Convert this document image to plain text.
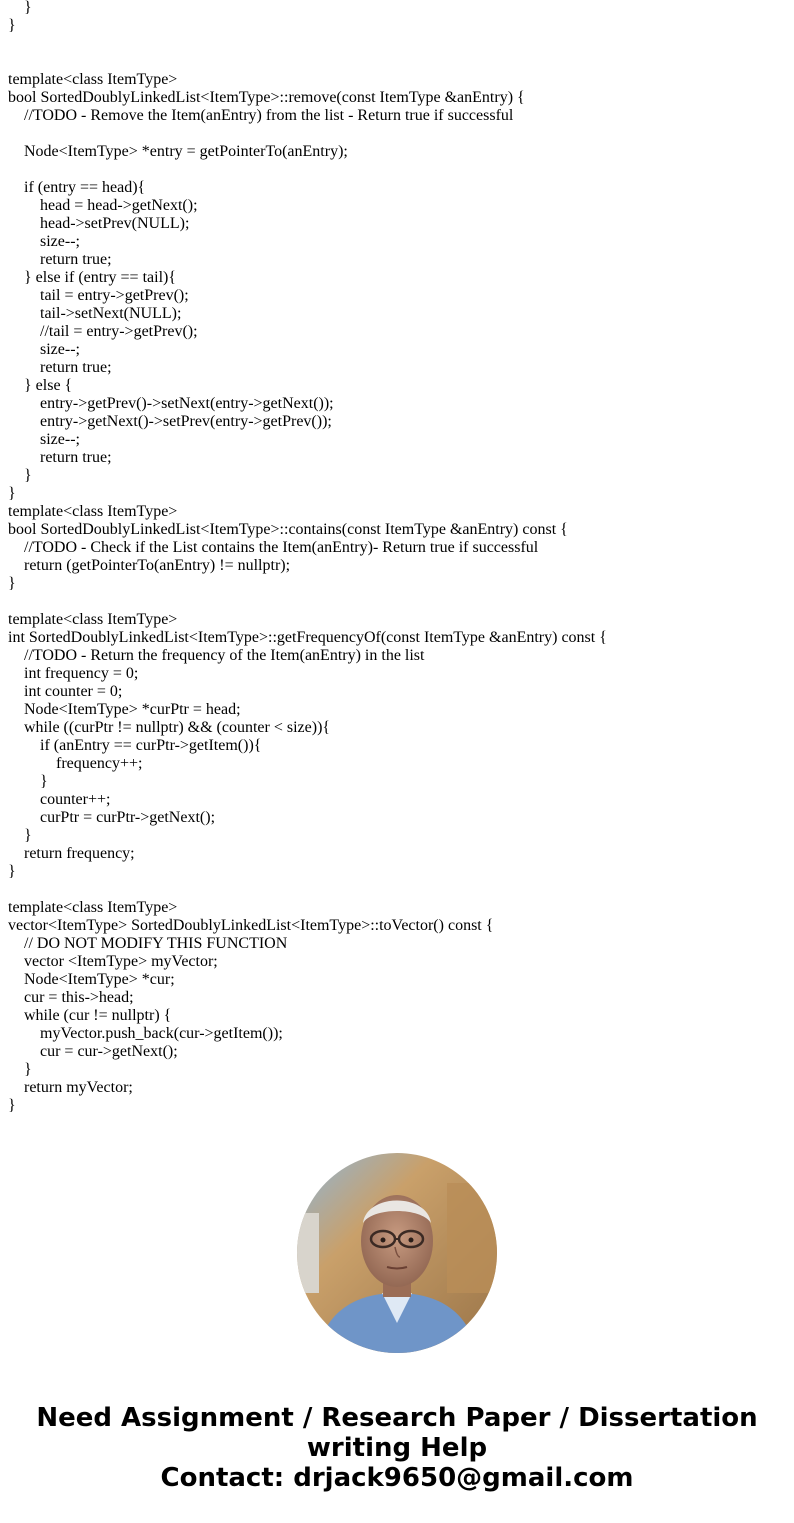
}
}
template<class ItemType>
bool SortedDoublyLinkedList<ItemType>::remove(const ItemType &anEntry) {
//TODO - Remove the Item(anEntry) from the list - Return true if successful
Node<ItemType> *entry = getPointerTo(anEntry);
if (entry == head){
head = head->getNext();
head->setPrev(NULL);
size--;
return true;
} else if (entry == tail){
tail = entry->getPrev();
tail->setNext(NULL);
//tail = entry->getPrev();
size--;
return true;
} else {
entry->getPrev()->setNext(entry->getNext());
entry->getNext()->setPrev(entry->getPrev());
size--;
return true;
}
}
template<class ItemType>
bool SortedDoublyLinkedList<ItemType>::contains(const ItemType &anEntry) const {
//TODO - Check if the List contains the Item(anEntry)- Return true if successful
return (getPointerTo(anEntry) != nullptr);
}
template<class ItemType>
int SortedDoublyLinkedList<ItemType>::getFrequencyOf(const ItemType &anEntry) const {
//TODO - Return the frequency of the Item(anEntry) in the list
int frequency = 0;
int counter = 0;
Node<ItemType> *curPtr = head;
while ((curPtr != nullptr) && (counter < size)){
if (anEntry == curPtr->getItem()){
frequency++;
}
counter++;
curPtr = curPtr->getNext();
}
return frequency;
}
template<class ItemType>
vector<ItemType> SortedDoublyLinkedList<ItemType>::toVector() const {
// DO NOT MODIFY THIS FUNCTION
vector <ItemType> myVector;
Node<ItemType> *cur;
cur = this->head;
while (cur != nullptr) {
myVector.push_back(cur->getItem());
cur = cur->getNext();
}
return myVector;
}
Need Assignment / Research Paper / Dissertation
writing Help
Contact: drjack9650@gmail.com
